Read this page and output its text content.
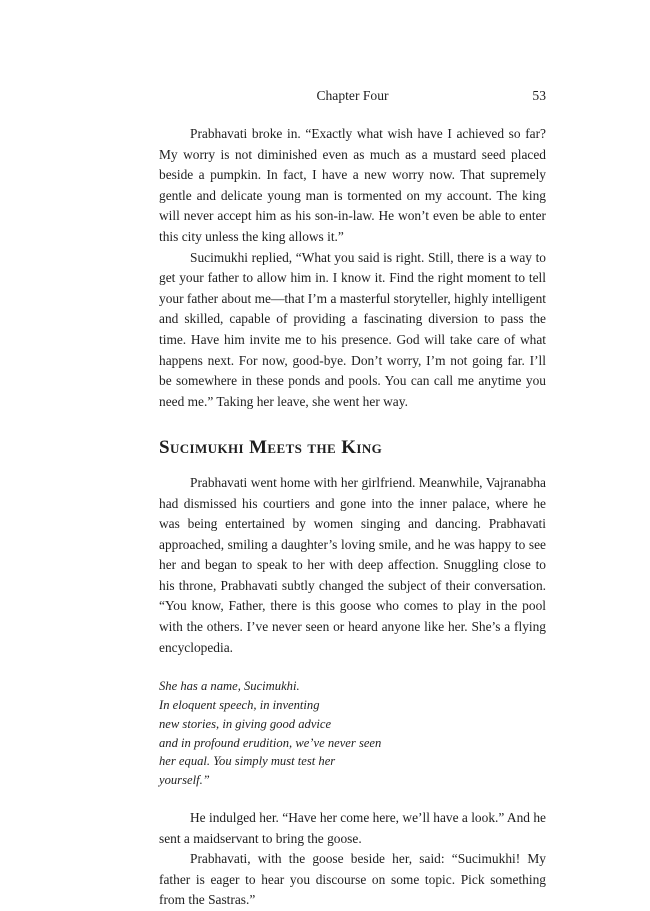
Chapter Four	53

Prabhavati broke in. “Exactly what wish have I achieved so far? My worry is not diminished even as much as a mustard seed placed beside a pumpkin. In fact, I have a new worry now. That supremely gentle and delicate young man is tormented on my account. The king will never accept him as his son-in-law. He won’t even be able to enter this city unless the king allows it.”

Sucimukhi replied, “What you said is right. Still, there is a way to get your father to allow him in. I know it. Find the right moment to tell your father about me—that I’m a masterful storyteller, highly intelligent and skilled, capable of providing a fascinating diversion to pass the time. Have him invite me to his presence. God will take care of what happens next. For now, good-bye. Don’t worry, I’m not going far. I’ll be somewhere in these ponds and pools. You can call me anytime you need me.” Taking her leave, she went her way.

Sucimukhi Meets the King

Prabhavati went home with her girlfriend. Meanwhile, Vajranabha had dismissed his courtiers and gone into the inner palace, where he was being entertained by women singing and dancing. Prabhavati approached, smiling a daughter’s loving smile, and he was happy to see her and began to speak to her with deep affection. Snuggling close to his throne, Prabhavati subtly changed the subject of their conversation. “You know, Father, there is this goose who comes to play in the pool with the others. I’ve never seen or heard anyone like her. She’s a flying encyclopedia.

She has a name, Sucimukhi.
In eloquent speech, in inventing
new stories, in giving good advice
and in profound erudition, we’ve never seen
her equal. You simply must test her
yourself.”

He indulged her. “Have her come here, we’ll have a look.” And he sent a maidservant to bring the goose.

Prabhavati, with the goose beside her, said: “Sucimukhi! My father is eager to hear you discourse on some topic. Pick something from the Sastras.”
